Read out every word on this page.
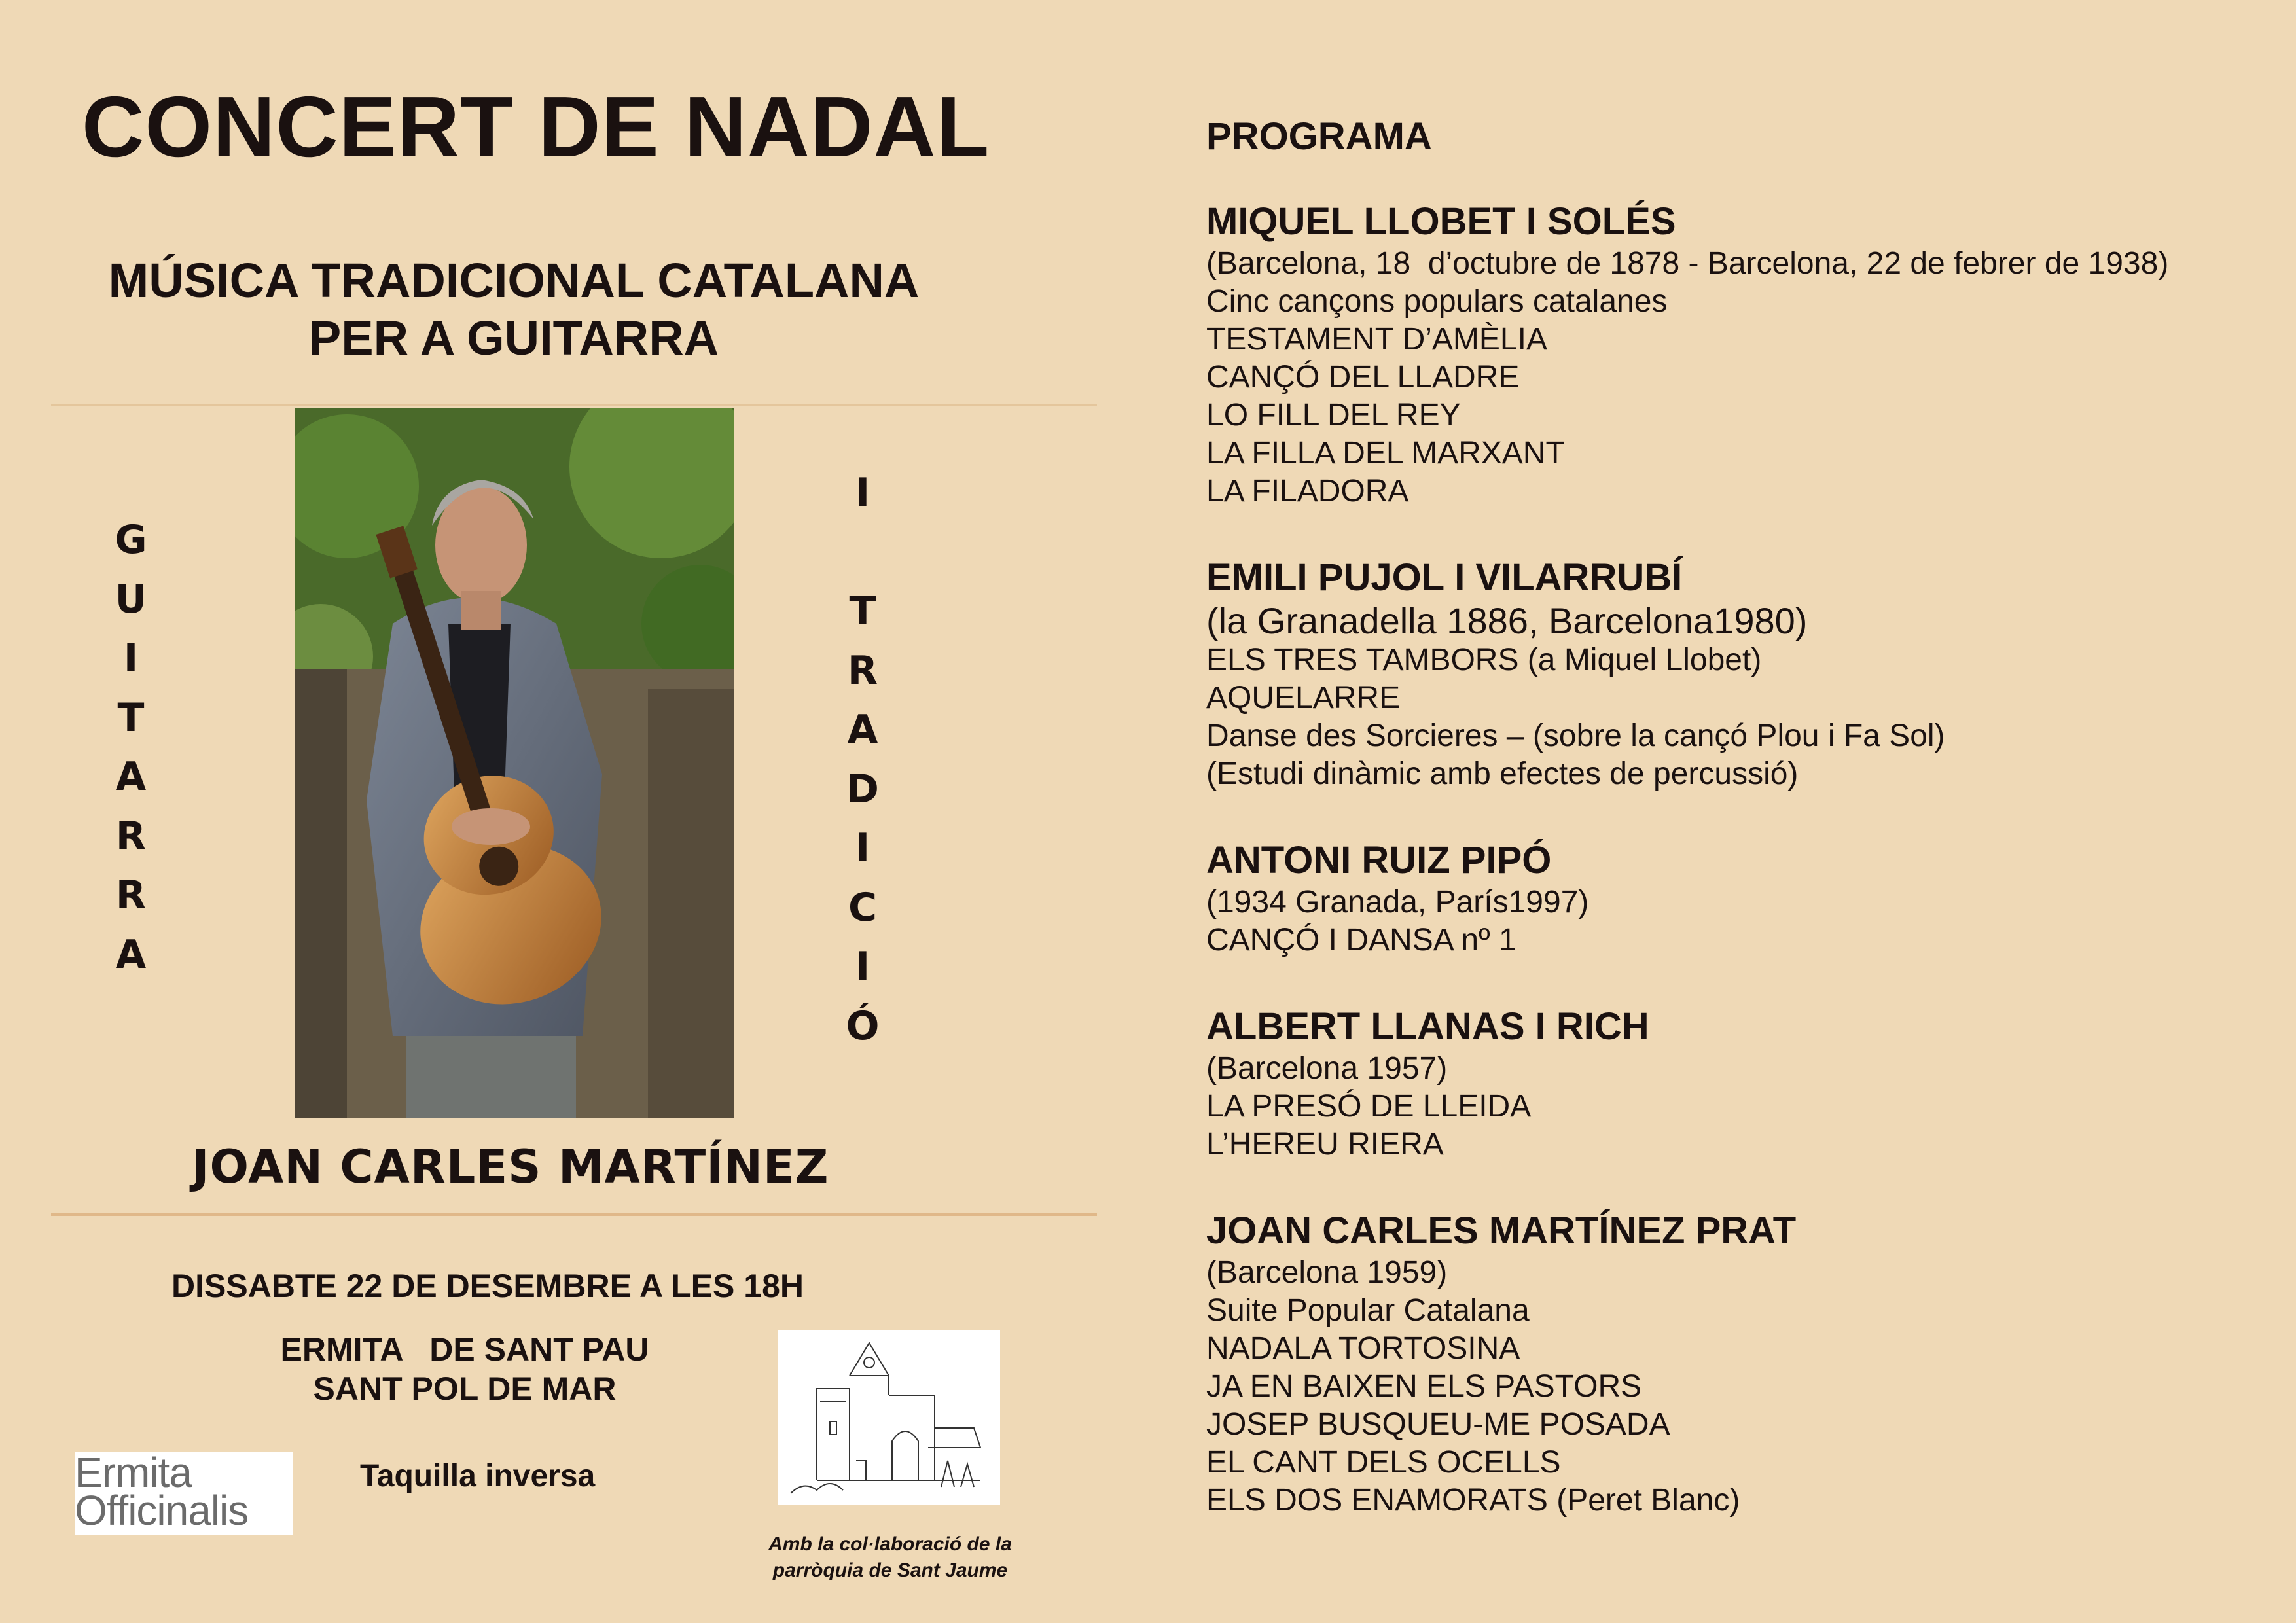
CONCERT DE NADAL
MÚSICA TRADICIONAL CATALANA
PER A GUITARRA
G
U
I
T
A
R
R
A
I

T
R
A
D
I
C
I
Ó
JOAN CARLES MARTÍNEZ
DISSABTE 22 DE DESEMBRE A LES 18H
ERMITA   DE SANT PAU
SANT POL DE MAR
Ermita
Officinalis
Taquilla inversa
Amb la col·laboració de la
parròquia de Sant Jaume
PROGRAMA
MIQUEL LLOBET I SOLÉS
(Barcelona, 18  d’octubre de 1878 - Barcelona, 22 de febrer de 1938)
Cinc cançons populars catalanes
TESTAMENT D’AMÈLIA
CANÇÓ DEL LLADRE
LO FILL DEL REY
LA FILLA DEL MARXANT
LA FILADORA
EMILI PUJOL I VILARRUBÍ
(la Granadella 1886, Barcelona1980)
ELS TRES TAMBORS (a Miquel Llobet)
AQUELARRE
Danse des Sorcieres – (sobre la cançó Plou i Fa Sol)
(Estudi dinàmic amb efectes de percussió)
ANTONI RUIZ PIPÓ
(1934 Granada, París1997)
CANÇÓ I DANSA nº 1
ALBERT LLANAS I RICH
(Barcelona 1957)
LA PRESÓ DE LLEIDA
L’HEREU RIERA
JOAN CARLES MARTÍNEZ PRAT
(Barcelona 1959)
Suite Popular Catalana
NADALA TORTOSINA
JA EN BAIXEN ELS PASTORS
JOSEP BUSQUEU-ME POSADA
EL CANT DELS OCELLS
ELS DOS ENAMORATS (Peret Blanc)
